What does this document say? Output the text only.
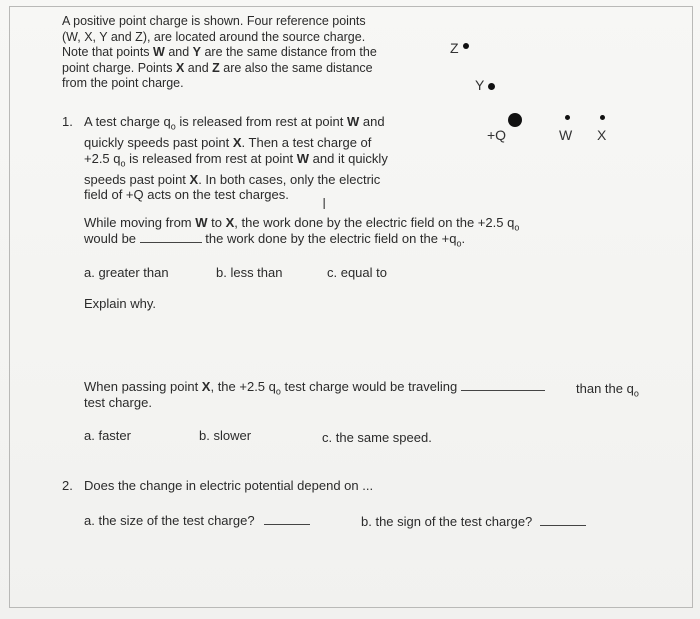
A positive point charge is shown. Four reference points
(W, X, Y and Z), are located around the source charge.
Note that points W and Y are the same distance from the
point charge. Points X and Z are also the same distance
from the point charge.
Z
Y
+Q	W X
1. A test charge $q_o$ is released from rest at point W and
quickly speeds past point X. Then a test charge of
+2.5 $q_o$ is released from rest at point W and it quickly
speeds past point X. In both cases, only the electric
field of +Q acts on the test charges.
I
While moving from W to X, the work done by the electric field on the +2.5 $q_o$
would be	the work done by the electric field on the $+q_o$.
a. greater than	b. less than	c. equal to
Explain why.
When passing point X, the +2.5 $q_o$ test charge would be traveling	than the $q_o$
test charge.
a. faster	b. slower	c. the same speed.
2. Does the change in electric potential depend on ...
a. the size of the test charge?	b. the sign of the test charge?
